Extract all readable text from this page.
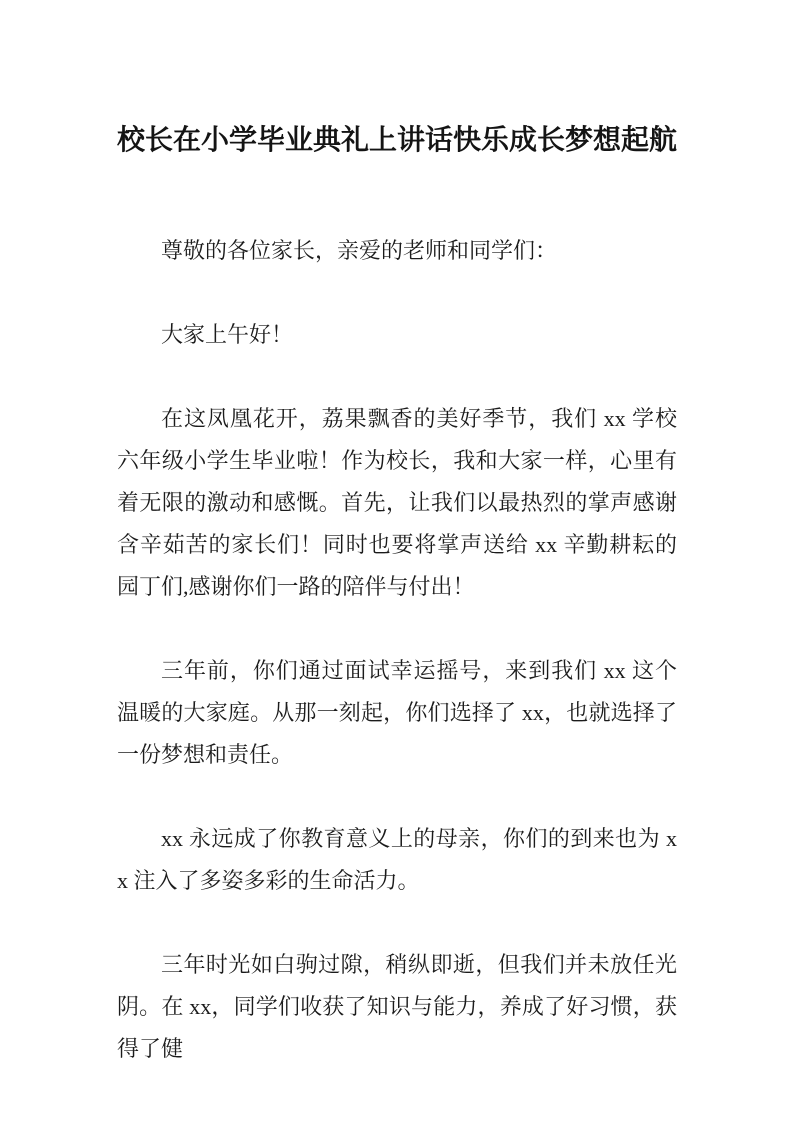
校长在小学毕业典礼上讲话快乐成长梦想起航

尊敬的各位家长，亲爱的老师和同学们：

大家上午好！

在这凤凰花开，荔果飘香的美好季节，我们 xx 学校六年级小学生毕业啦！作为校长，我和大家一样，心里有着无限的激动和感慨。首先，让我们以最热烈的掌声感谢含辛茹苦的家长们！同时也要将掌声送给 xx 辛勤耕耘的园丁们,感谢你们一路的陪伴与付出！

三年前，你们通过面试幸运摇号，来到我们 xx 这个温暖的大家庭。从那一刻起，你们选择了 xx，也就选择了一份梦想和责任。

xx 永远成了你教育意义上的母亲，你们的到来也为 xx 注入了多姿多彩的生命活力。

三年时光如白驹过隙，稍纵即逝，但我们并未放任光阴。在 xx，同学们收获了知识与能力，养成了好习惯，获得了健
